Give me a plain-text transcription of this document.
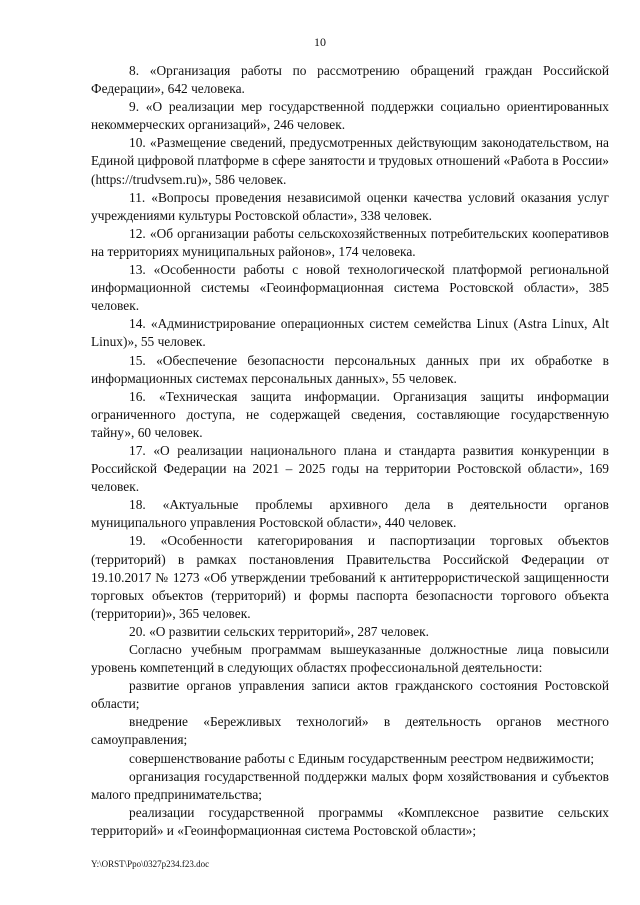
10

8. «Организация работы по рассмотрению обращений граждан Российской Федерации», 642 человека.

9. «О реализации мер государственной поддержки социально ориентированных некоммерческих организаций», 246 человек.

10. «Размещение сведений, предусмотренных действующим законодательством, на Единой цифровой платформе в сфере занятости и трудовых отношений «Работа в России» (https://trudvsem.ru)», 586 человек.

11. «Вопросы проведения независимой оценки качества условий оказания услуг учреждениями культуры Ростовской области», 338 человек.

12. «Об организации работы сельскохозяйственных потребительских кооперативов на территориях муниципальных районов», 174 человека.

13. «Особенности работы с новой технологической платформой региональной информационной системы «Геоинформационная система Ростовской области», 385 человек.

14. «Администрирование операционных систем семейства Linux (Astra Linux, Alt Linux)», 55 человек.

15. «Обеспечение безопасности персональных данных при их обработке в информационных системах персональных данных», 55 человек.

16. «Техническая защита информации. Организация защиты информации ограниченного доступа, не содержащей сведения, составляющие государственную тайну», 60 человек.

17. «О реализации национального плана и стандарта развития конкуренции в Российской Федерации на 2021 – 2025 годы на территории Ростовской области», 169 человек.

18. «Актуальные проблемы архивного дела в деятельности органов муниципального управления Ростовской области», 440 человек.

19. «Особенности категорирования и паспортизации торговых объектов (территорий) в рамках постановления Правительства Российской Федерации от 19.10.2017 № 1273 «Об утверждении требований к антитеррористической защищенности торговых объектов (территорий) и формы паспорта безопасности торгового объекта (территории)», 365 человек.

20. «О развитии сельских территорий», 287 человек.

Согласно учебным программам вышеуказанные должностные лица повысили уровень компетенций в следующих областях профессиональной деятельности:

развитие органов управления записи актов гражданского состояния Ростовской области;

внедрение «Бережливых технологий» в деятельность органов местного самоуправления;

совершенствование работы с Единым государственным реестром недвижимости;

организация государственной поддержки малых форм хозяйствования и субъектов малого предпринимательства;

реализации государственной программы «Комплексное развитие сельских территорий» и «Геоинформационная система Ростовской области»;

Y:\ORST\Ppo\0327p234.f23.doc
